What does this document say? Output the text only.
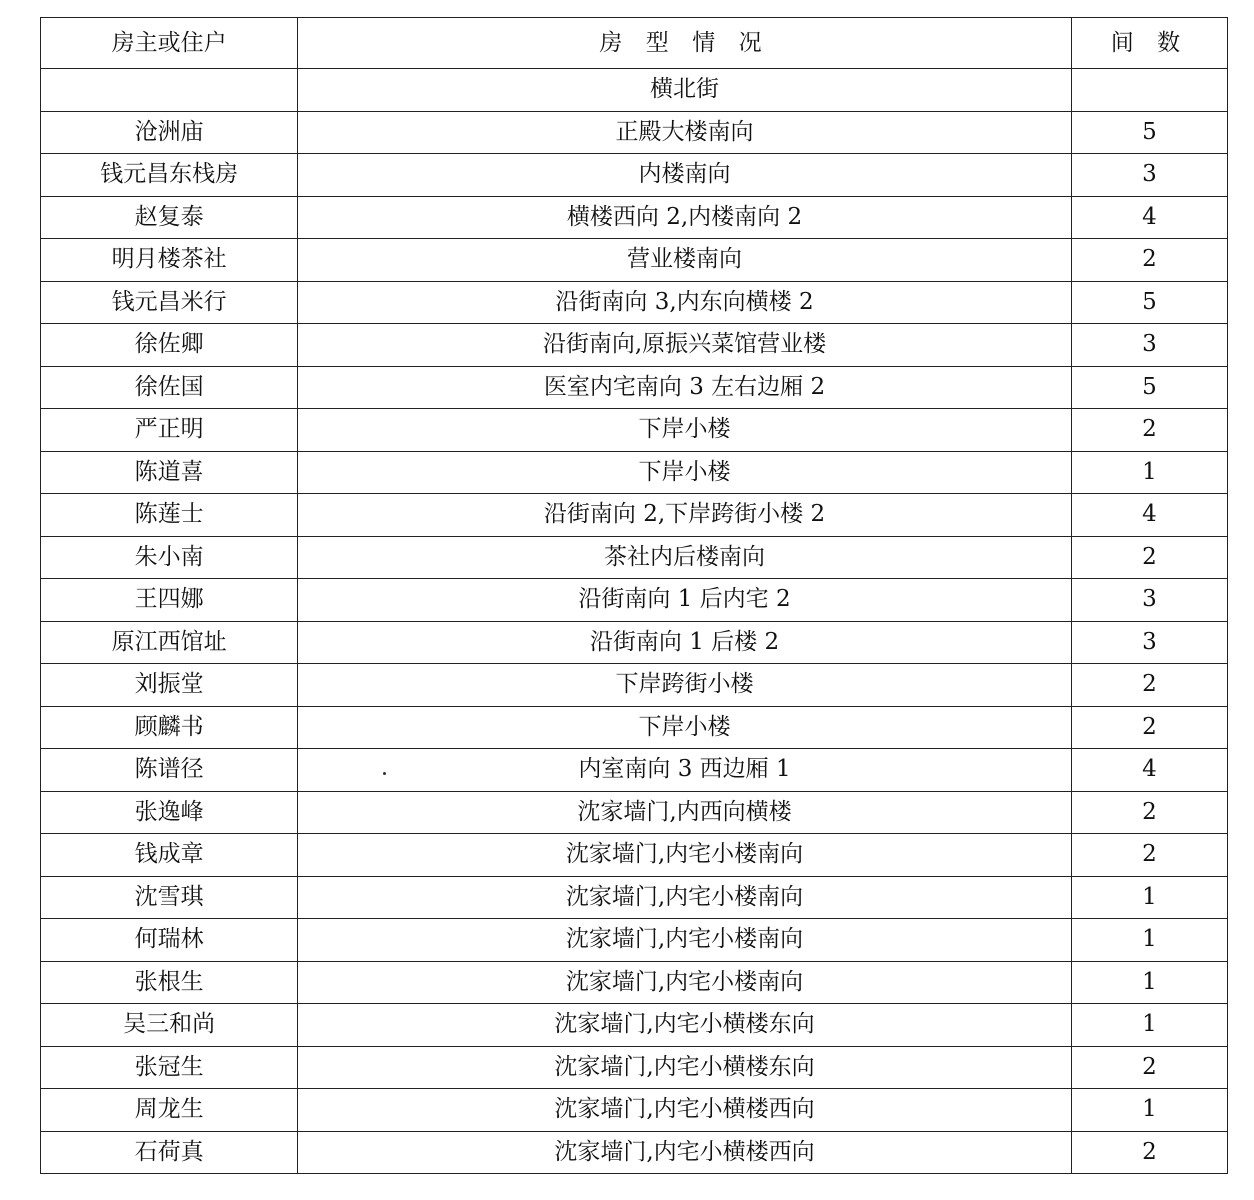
房主或住户	房 型 情 况	间 数
	横北街	
沧洲庙	正殿大楼南向	5
钱元昌东栈房	内楼南向	3
赵复泰	横楼西向 2,内楼南向 2	4
明月楼茶社	营业楼南向	2
钱元昌米行	沿街南向 3,内东向横楼 2	5
徐佐卿	沿街南向,原振兴菜馆营业楼	3
徐佐国	医室内宅南向 3 左右边厢 2	5
严正明	下岸小楼	2
陈道喜	下岸小楼	1
陈莲士	沿街南向 2,下岸跨街小楼 2	4
朱小南	茶社内后楼南向	2
王四娜	沿街南向 1 后内宅 2	3
原江西馆址	沿街南向 1 后楼 2	3
刘振堂	下岸跨街小楼	2
顾麟书	下岸小楼	2
陈谱径	内室南向 3 西边厢 1	4
张逸峰	沈家墙门,内西向横楼	2
钱成章	沈家墙门,内宅小楼南向	2
沈雪琪	沈家墙门,内宅小楼南向	1
何瑞林	沈家墙门,内宅小楼南向	1
张根生	沈家墙门,内宅小楼南向	1
吴三和尚	沈家墙门,内宅小横楼东向	1
张冠生	沈家墙门,内宅小横楼东向	2
周龙生	沈家墙门,内宅小横楼西向	1
石荷真	沈家墙门,内宅小横楼西向	2
